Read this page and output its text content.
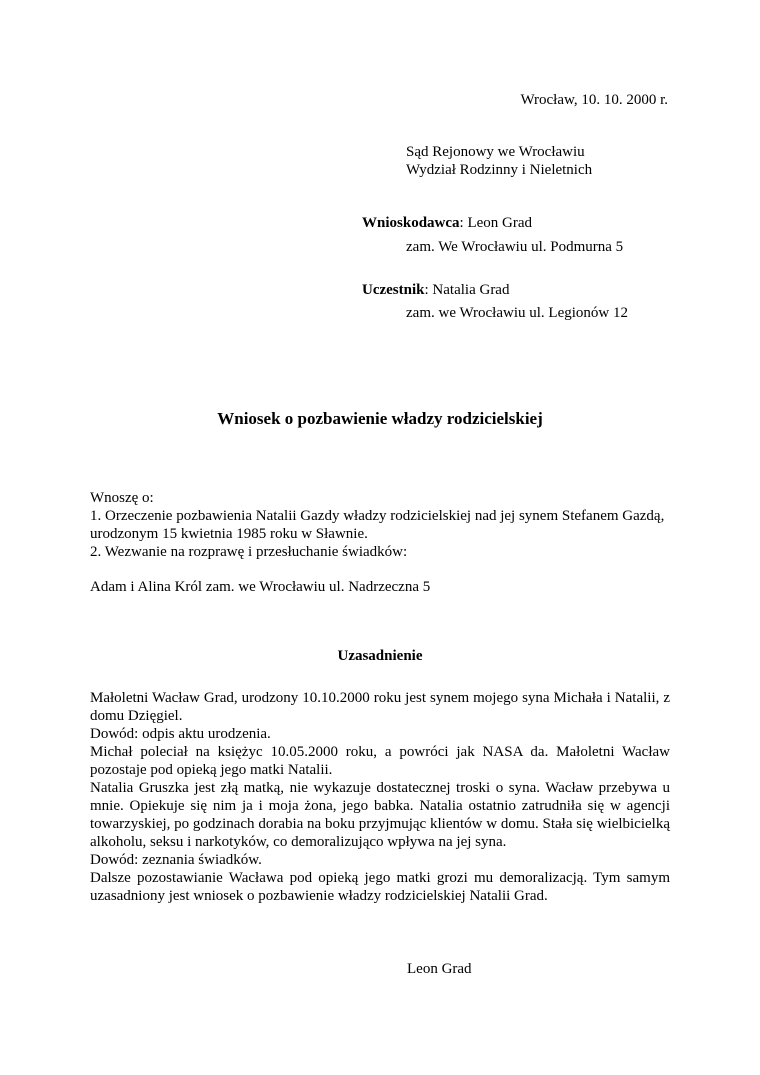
Wrocław, 10. 10. 2000 r.
Sąd Rejonowy we Wrocławiu
Wydział Rodzinny i Nieletnich
Wnioskodawca: Leon Grad
zam. We Wrocławiu ul. Podmurna 5
Uczestnik: Natalia Grad
zam. we Wrocławiu ul. Legionów 12
Wniosek o pozbawienie władzy rodzicielskiej
Wnoszę o:
1. Orzeczenie pozbawienia Natalii Gazdy władzy rodzicielskiej nad jej synem Stefanem Gazdą, urodzonym 15 kwietnia 1985 roku w Sławnie.
2. Wezwanie na rozprawę i przesłuchanie świadków:
Adam i Alina Król zam. we Wrocławiu ul. Nadrzeczna 5
Uzasadnienie

Małoletni Wacław Grad, urodzony 10.10.2000 roku jest synem mojego syna Michała i Natalii, z domu Dzięgiel.

Dowód: odpis aktu urodzenia.

Michał poleciał na księżyc 10.05.2000 roku, a powróci jak NASA da. Małoletni Wacław pozostaje pod opieką jego matki Natalii.

Natalia Gruszka jest złą matką, nie wykazuje dostatecznej troski o syna. Wacław przebywa u mnie. Opiekuje się nim ja i moja żona, jego babka. Natalia ostatnio zatrudniła się w agencji towarzyskiej, po godzinach dorabia na boku przyjmując klientów w domu. Stała się wielbicielką alkoholu, seksu i narkotyków, co demoralizująco wpływa na jej syna.

Dowód: zeznania świadków.

Dalsze pozostawianie Wacława pod opieką jego matki grozi mu demoralizacją. Tym samym uzasadniony jest wniosek o pozbawienie władzy rodzicielskiej Natalii Grad.

Leon Grad
